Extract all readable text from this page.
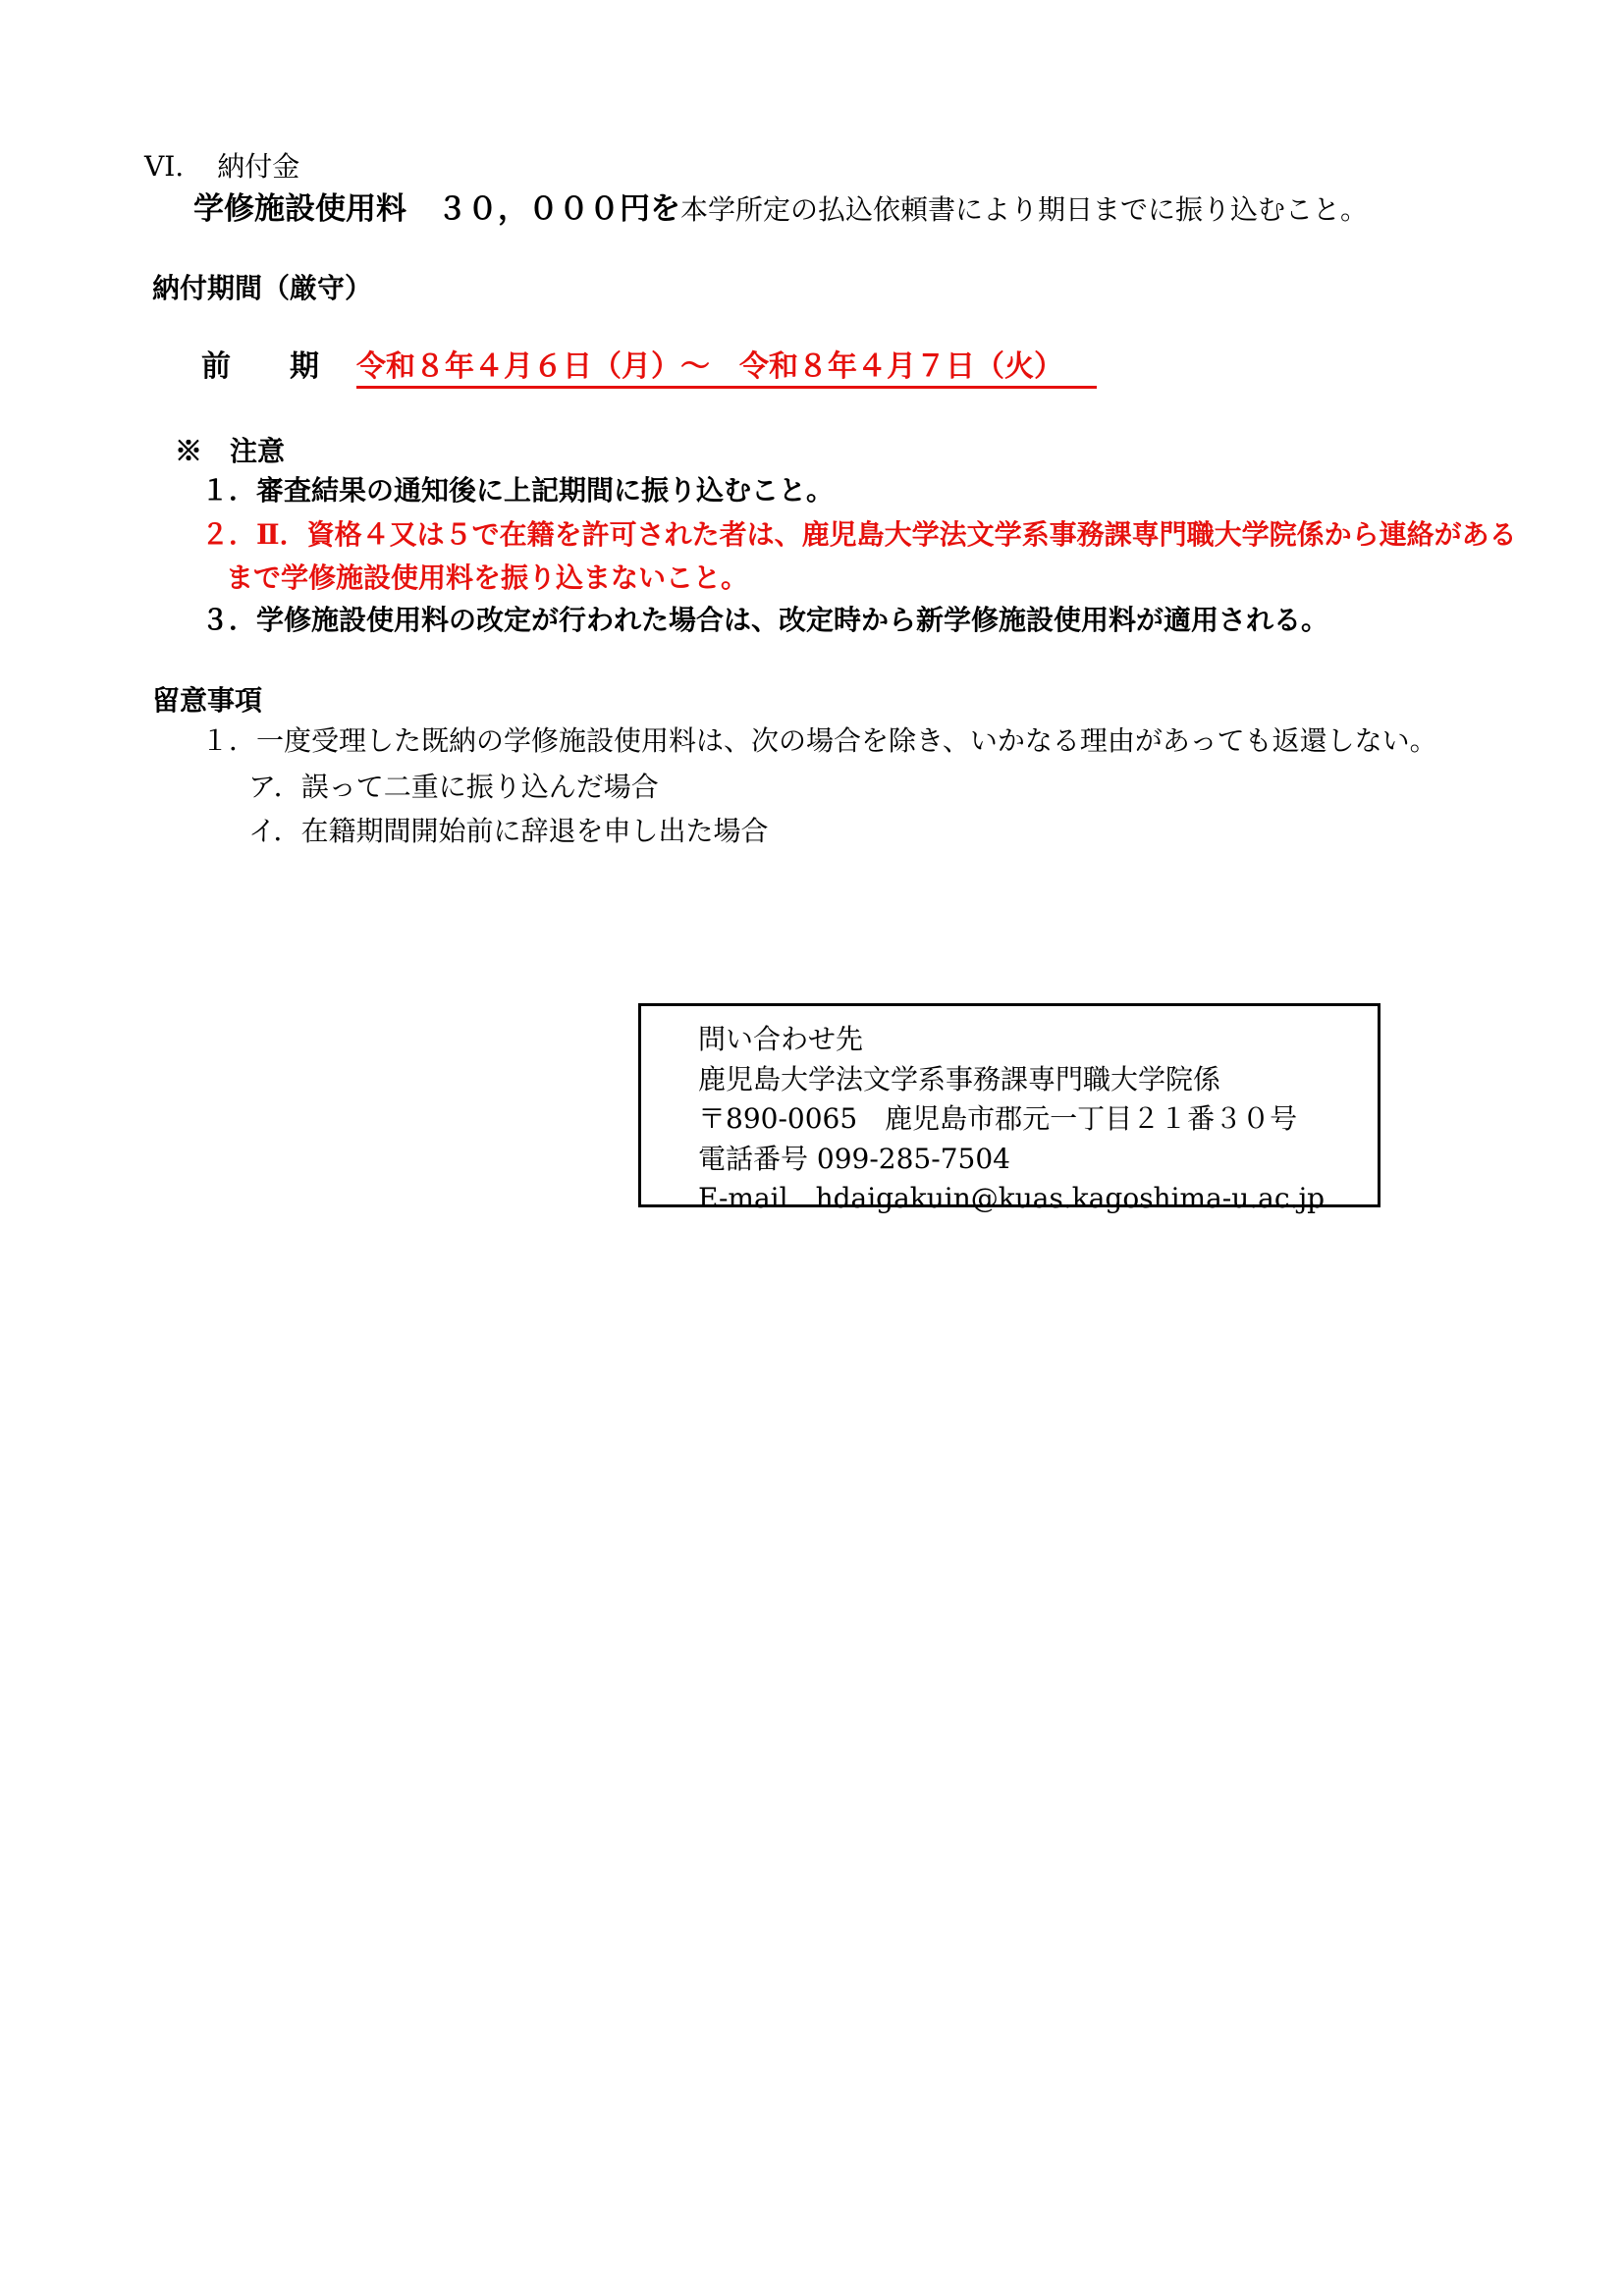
VI. 納付金
学修施設使用料　３０，０００円を本学所定の払込依頼書により期日までに振り込むこと。
納付期間（厳守）
前　　期 令和８年４月６日（月）～　令和８年４月７日（火）
※　注意
１．審査結果の通知後に上記期間に振り込むこと。
２．Ⅱ．資格４又は５で在籍を許可された者は、鹿児島大学法文学系事務課専門職大学院係から連絡がある
まで学修施設使用料を振り込まないこと。
３．学修施設使用料の改定が行われた場合は、改定時から新学修施設使用料が適用される。
留意事項
１．一度受理した既納の学修施設使用料は、次の場合を除き、いかなる理由があっても返還しない。
ア．誤って二重に振り込んだ場合
イ．在籍期間開始前に辞退を申し出た場合
問い合わせ先
鹿児島大学法文学系事務課専門職大学院係
〒890-0065　鹿児島市郡元一丁目２１番３０号
電話番号 099-285-7504
E-mail　hdaigakuin@kuas.kagoshima-u.ac.jp
